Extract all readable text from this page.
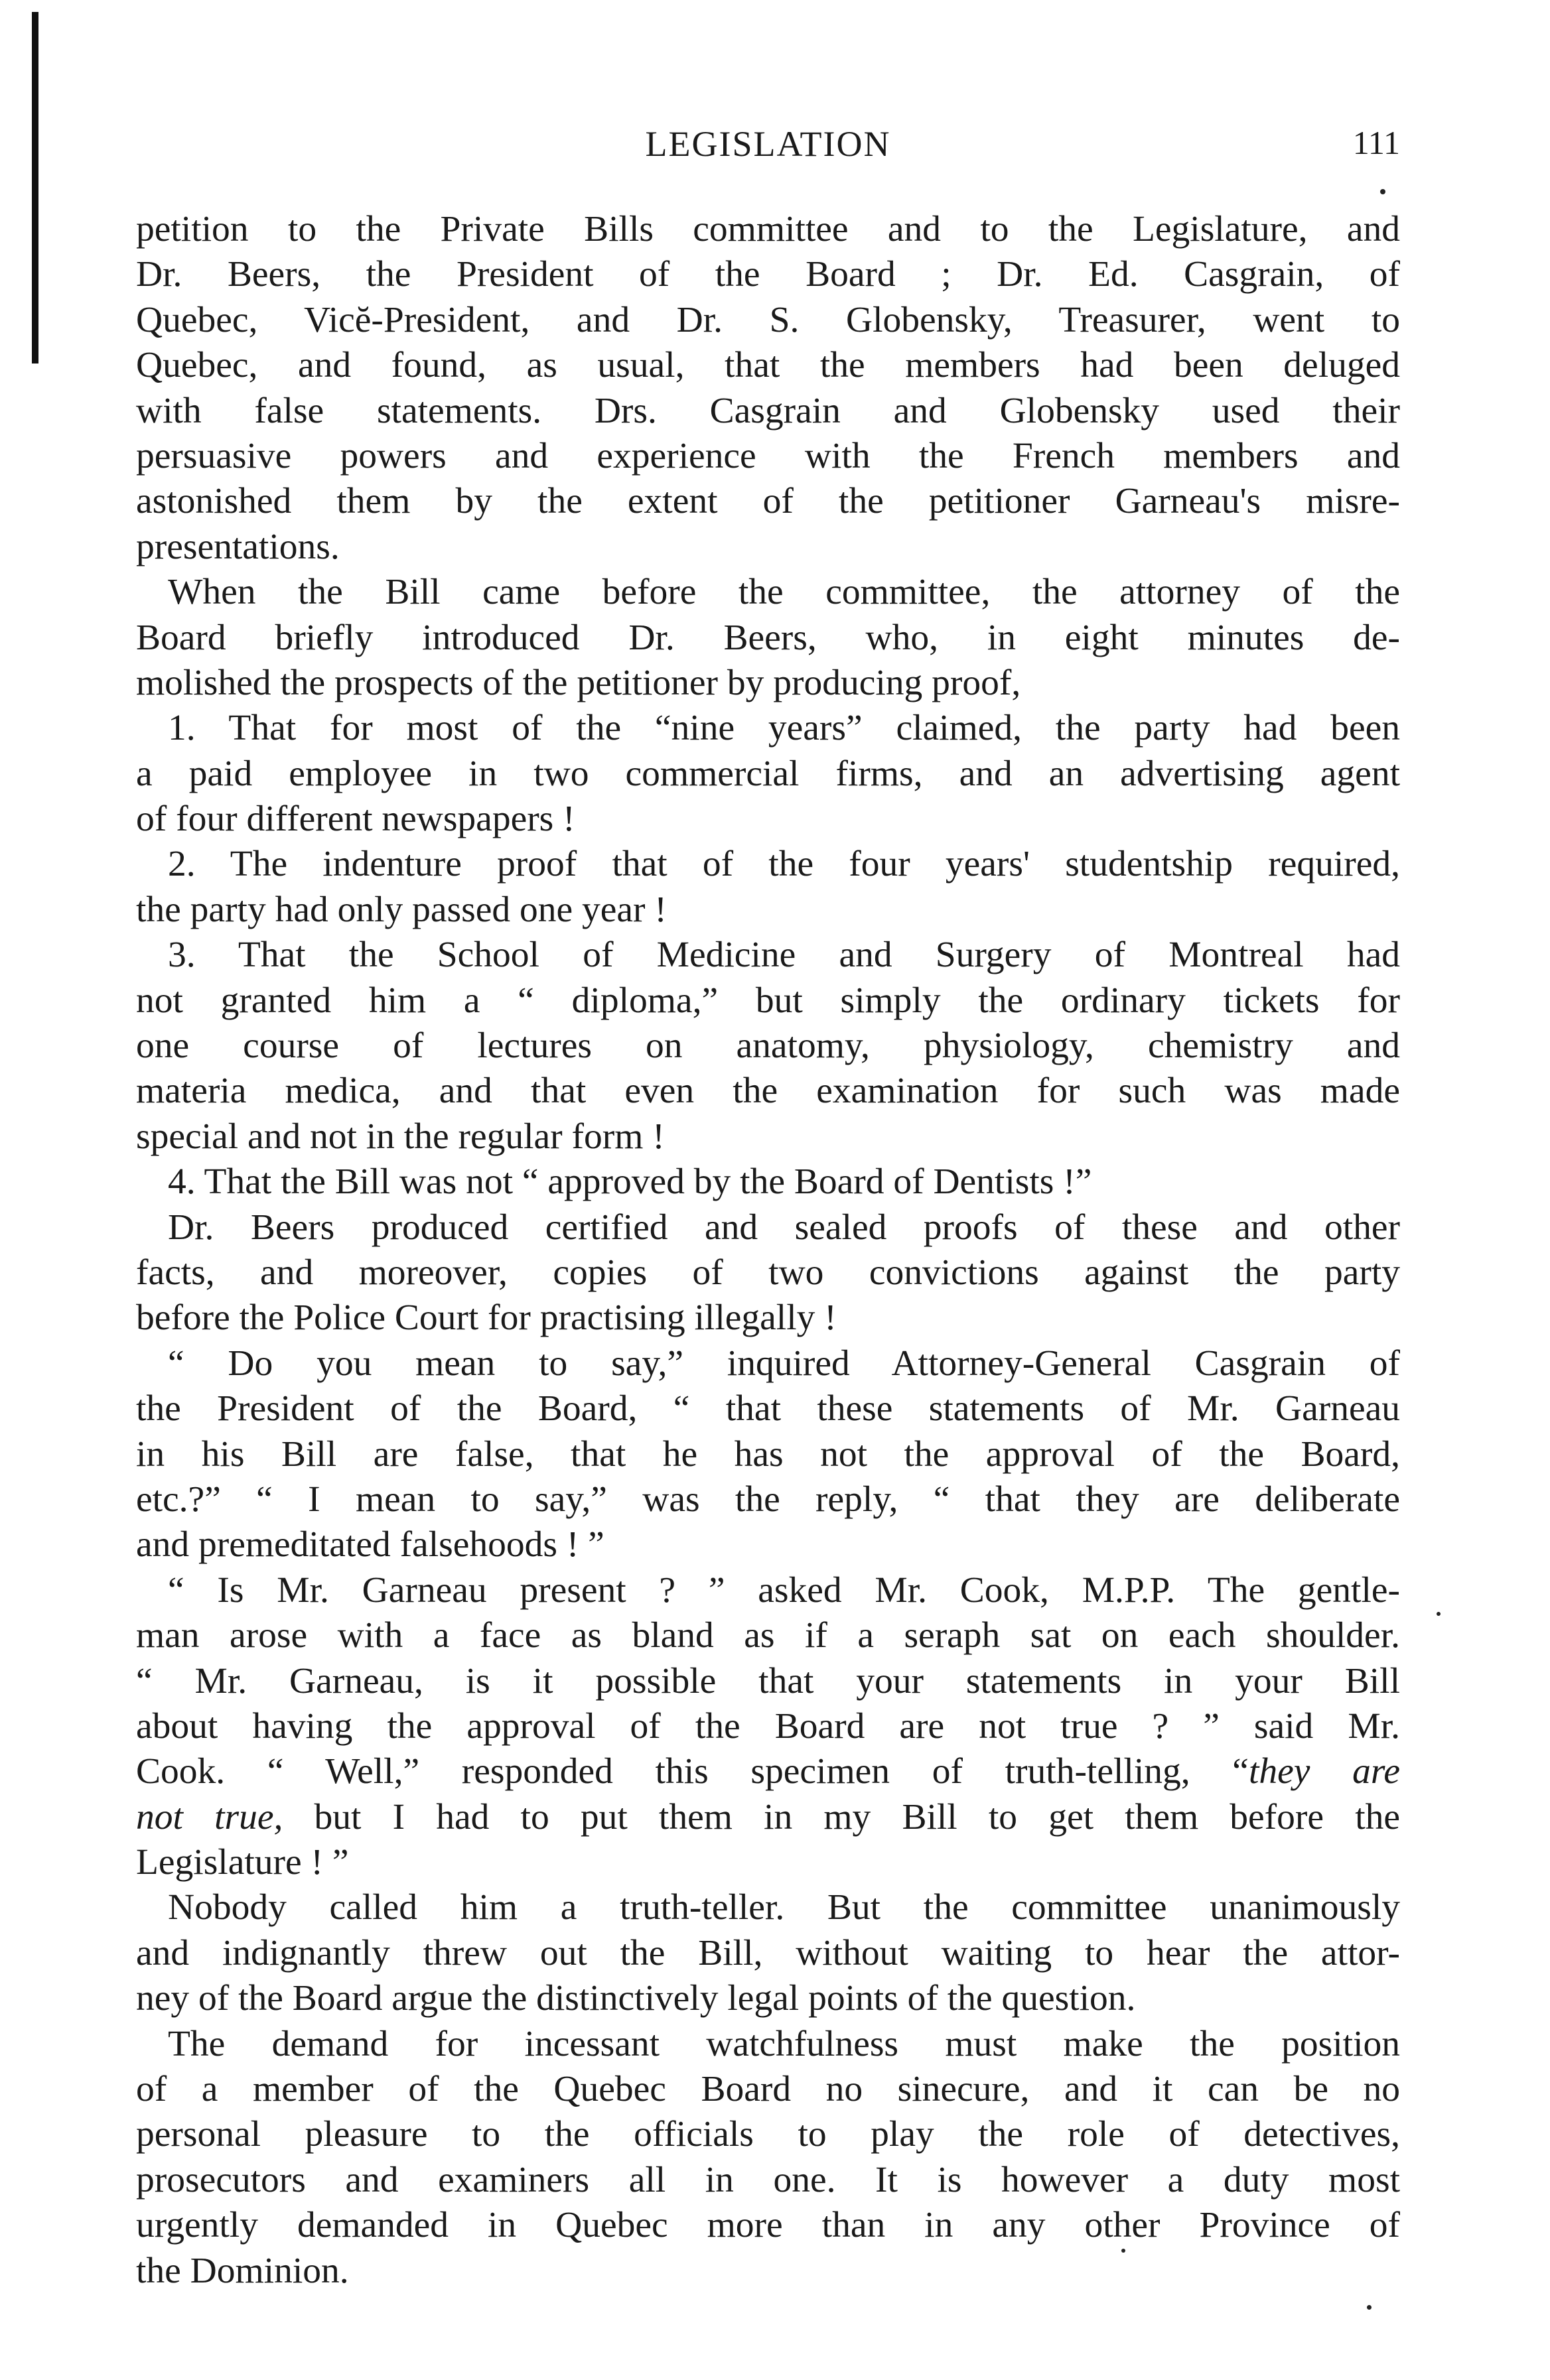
LEGISLATION	111
petition to the Private Bills committee and to the Legislature, and
Dr. Beers, the President of the Board ; Dr. Ed. Casgrain, of
Quebec, Vicĕ-President, and Dr. S. Globensky, Treasurer, went to
Quebec, and found, as usual, that the members had been deluged
with false statements. Drs. Casgrain and Globensky used their
persuasive powers and experience with the French members and
astonished them by the extent of the petitioner Garneau's misre-
presentations.
When the Bill came before the committee, the attorney of the
Board briefly introduced Dr. Beers, who, in eight minutes de-
molished the prospects of the petitioner by producing proof,
1. That for most of the “nine years” claimed, the party had been
a paid employee in two commercial firms, and an advertising agent
of four different newspapers !
2. The indenture proof that of the four years' studentship required,
the party had only passed one year !
3. That the School of Medicine and Surgery of Montreal had
not granted him a “ diploma,” but simply the ordinary tickets for
one course of lectures on anatomy, physiology, chemistry and
materia medica, and that even the examination for such was made
special and not in the regular form !
4. That the Bill was not “ approved by the Board of Dentists !”
Dr. Beers produced certified and sealed proofs of these and other
facts, and moreover, copies of two convictions against the party
before the Police Court for practising illegally !
“ Do you mean to say,” inquired Attorney-General Casgrain of
the President of the Board, “ that these statements of Mr. Garneau
in his Bill are false, that he has not the approval of the Board,
etc.?” “ I mean to say,” was the reply, “ that they are deliberate
and premeditated falsehoods ! ”
“ Is Mr. Garneau present ? ” asked Mr. Cook, M.P.P. The gentle-
man arose with a face as bland as if a seraph sat on each shoulder.
“ Mr. Garneau, is it possible that your statements in your Bill
about having the approval of the Board are not true ? ” said Mr.
Cook. “ Well,” responded this specimen of truth-telling, “they are
not true, but I had to put them in my Bill to get them before the
Legislature ! ”
Nobody called him a truth-teller. But the committee unanimously
and indignantly threw out the Bill, without waiting to hear the attor-
ney of the Board argue the distinctively legal points of the question.
The demand for incessant watchfulness must make the position
of a member of the Quebec Board no sinecure, and it can be no
personal pleasure to the officials to play the role of detectives,
prosecutors and examiners all in one. It is however a duty most
urgently demanded in Quebec more than in any other Province of
the Dominion.
